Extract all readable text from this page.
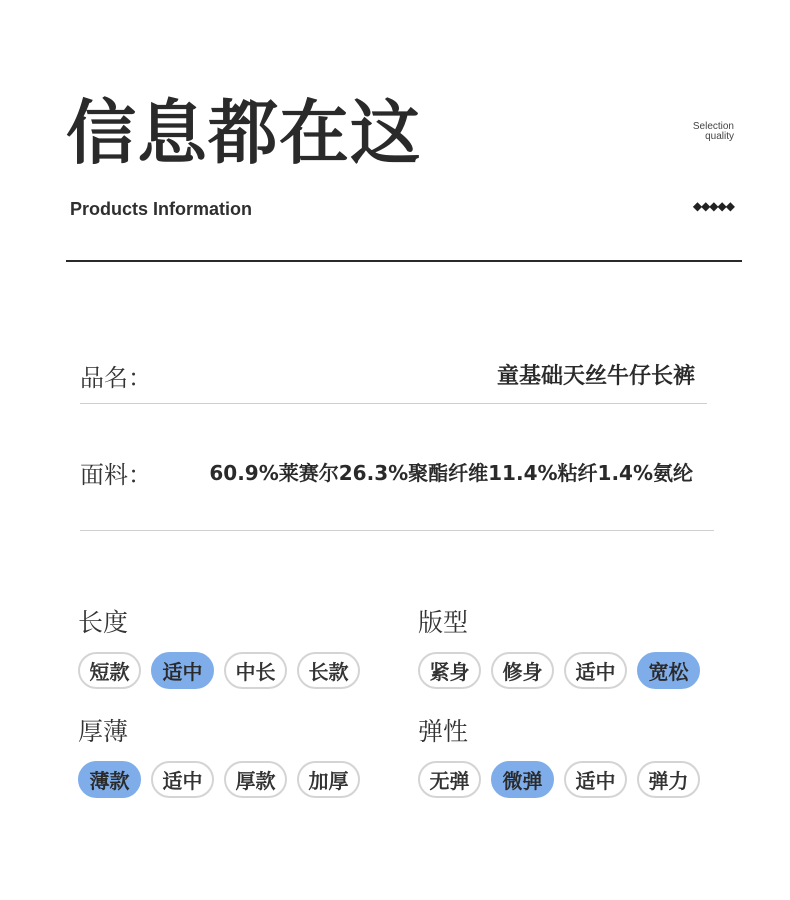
信息都在这
Products Information
Selection
quality
◆◆◆◆◆
品名：	童基础天丝牛仔长裤
面料：	60.9%莱赛尔26.3%聚酯纤维11.4%粘纤1.4%氨纶
长度
短款	适中	中长	长款
版型
紧身	修身	适中	宽松
厚薄
薄款	适中	厚款	加厚
弹性
无弹	微弹	适中	弹力
